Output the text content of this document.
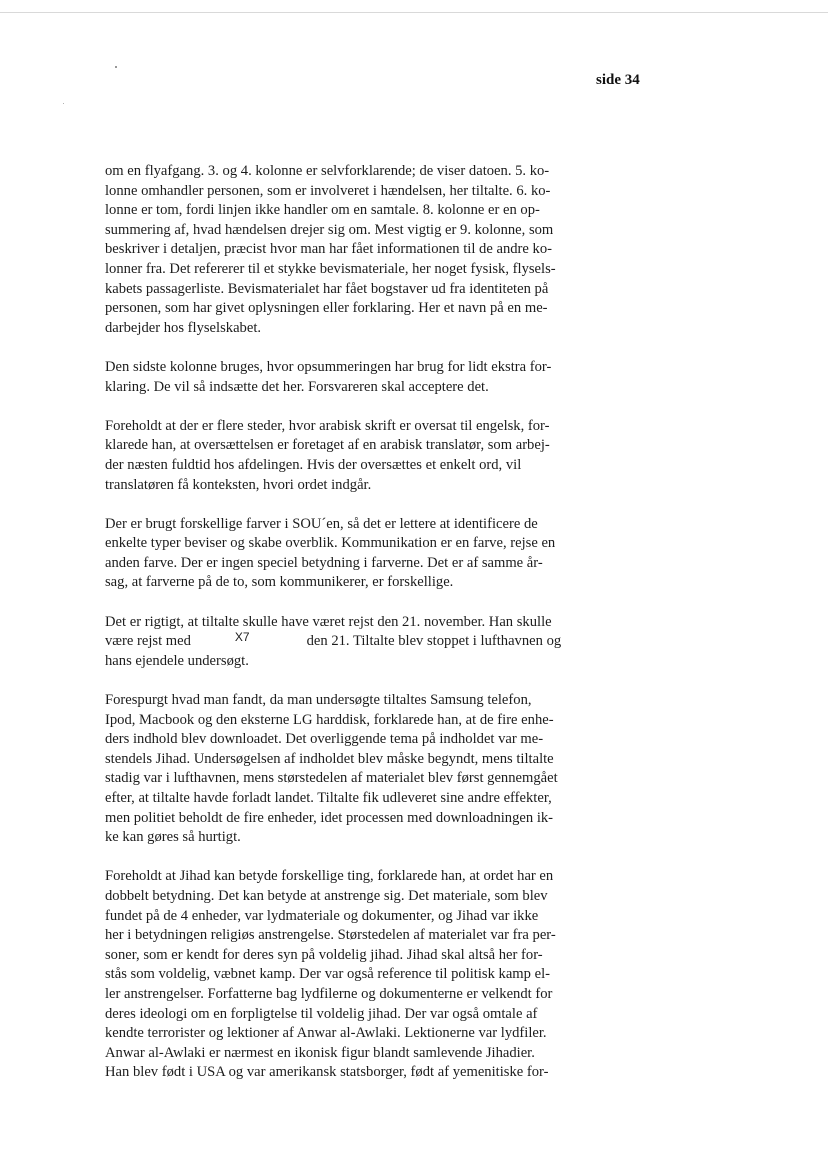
side 34

om en flyafgang. 3. og 4. kolonne er selvforklarende; de viser datoen. 5. ko-
lonne omhandler personen, som er involveret i hændelsen, her tiltalte. 6. ko-
lonne er tom, fordi linjen ikke handler om en samtale. 8. kolonne er en op-
summering af, hvad hændelsen drejer sig om. Mest vigtig er 9. kolonne, som
beskriver i detaljen, præcist hvor man har fået informationen til de andre ko-
lonner fra. Det refererer til et stykke bevismateriale, her noget fysisk, flysels-
kabets passagerliste. Bevismaterialet har fået bogstaver ud fra identiteten på
personen, som har givet oplysningen eller forklaring. Her et navn på en me-
darbejder hos flyselskabet.

Den sidste kolonne bruges, hvor opsummeringen har brug for lidt ekstra for-
klaring. De vil så indsætte det her. Forsvareren skal acceptere det.

Foreholdt at der er flere steder, hvor arabisk skrift er oversat til engelsk, for-
klarede han, at oversættelsen er foretaget af en arabisk translatør, som arbej-
der næsten fuldtid hos afdelingen. Hvis der oversættes et enkelt ord, vil
translatøren få konteksten, hvori ordet indgår.

Der er brugt forskellige farver i SOU´en, så det er lettere at identificere de
enkelte typer beviser og skabe overblik. Kommunikation er en farve, rejse en
anden farve. Der er ingen speciel betydning i farverne. Det er af samme år-
sag, at farverne på de to, som kommunikerer, er forskellige.

Det er rigtigt, at tiltalte skulle have været rejst den 21. november. Han skulle
være rejst med	$^{X7}$	den 21. Tiltalte blev stoppet i lufthavnen og
hans ejendele undersøgt.

Forespurgt hvad man fandt, da man undersøgte tiltaltes Samsung telefon,
Ipod, Macbook og den eksterne LG harddisk, forklarede han, at de fire enhe-
ders indhold blev downloadet. Det overliggende tema på indholdet var me-
stendels Jihad. Undersøgelsen af indholdet blev måske begyndt, mens tiltalte
stadig var i lufthavnen, mens størstedelen af materialet blev først gennemgået
efter, at tiltalte havde forladt landet. Tiltalte fik udleveret sine andre effekter,
men politiet beholdt de fire enheder, idet processen med downloadningen ik-
ke kan gøres så hurtigt.

Foreholdt at Jihad kan betyde forskellige ting, forklarede han, at ordet har en
dobbelt betydning. Det kan betyde at anstrenge sig. Det materiale, som blev
fundet på de 4 enheder, var lydmateriale og dokumenter, og Jihad var ikke
her i betydningen religiøs anstrengelse. Størstedelen af materialet var fra per-
soner, som er kendt for deres syn på voldelig jihad. Jihad skal altså her for-
stås som voldelig, væbnet kamp. Der var også reference til politisk kamp el-
ler anstrengelser. Forfatterne bag lydfilerne og dokumenterne er velkendt for
deres ideologi om en forpligtelse til voldelig jihad. Der var også omtale af
kendte terrorister og lektioner af Anwar al-Awlaki. Lektionerne var lydfiler.
Anwar al-Awlaki er nærmest en ikonisk figur blandt samlevende Jihadier.
Han blev født i USA og var amerikansk statsborger, født af yemenitiske for-
